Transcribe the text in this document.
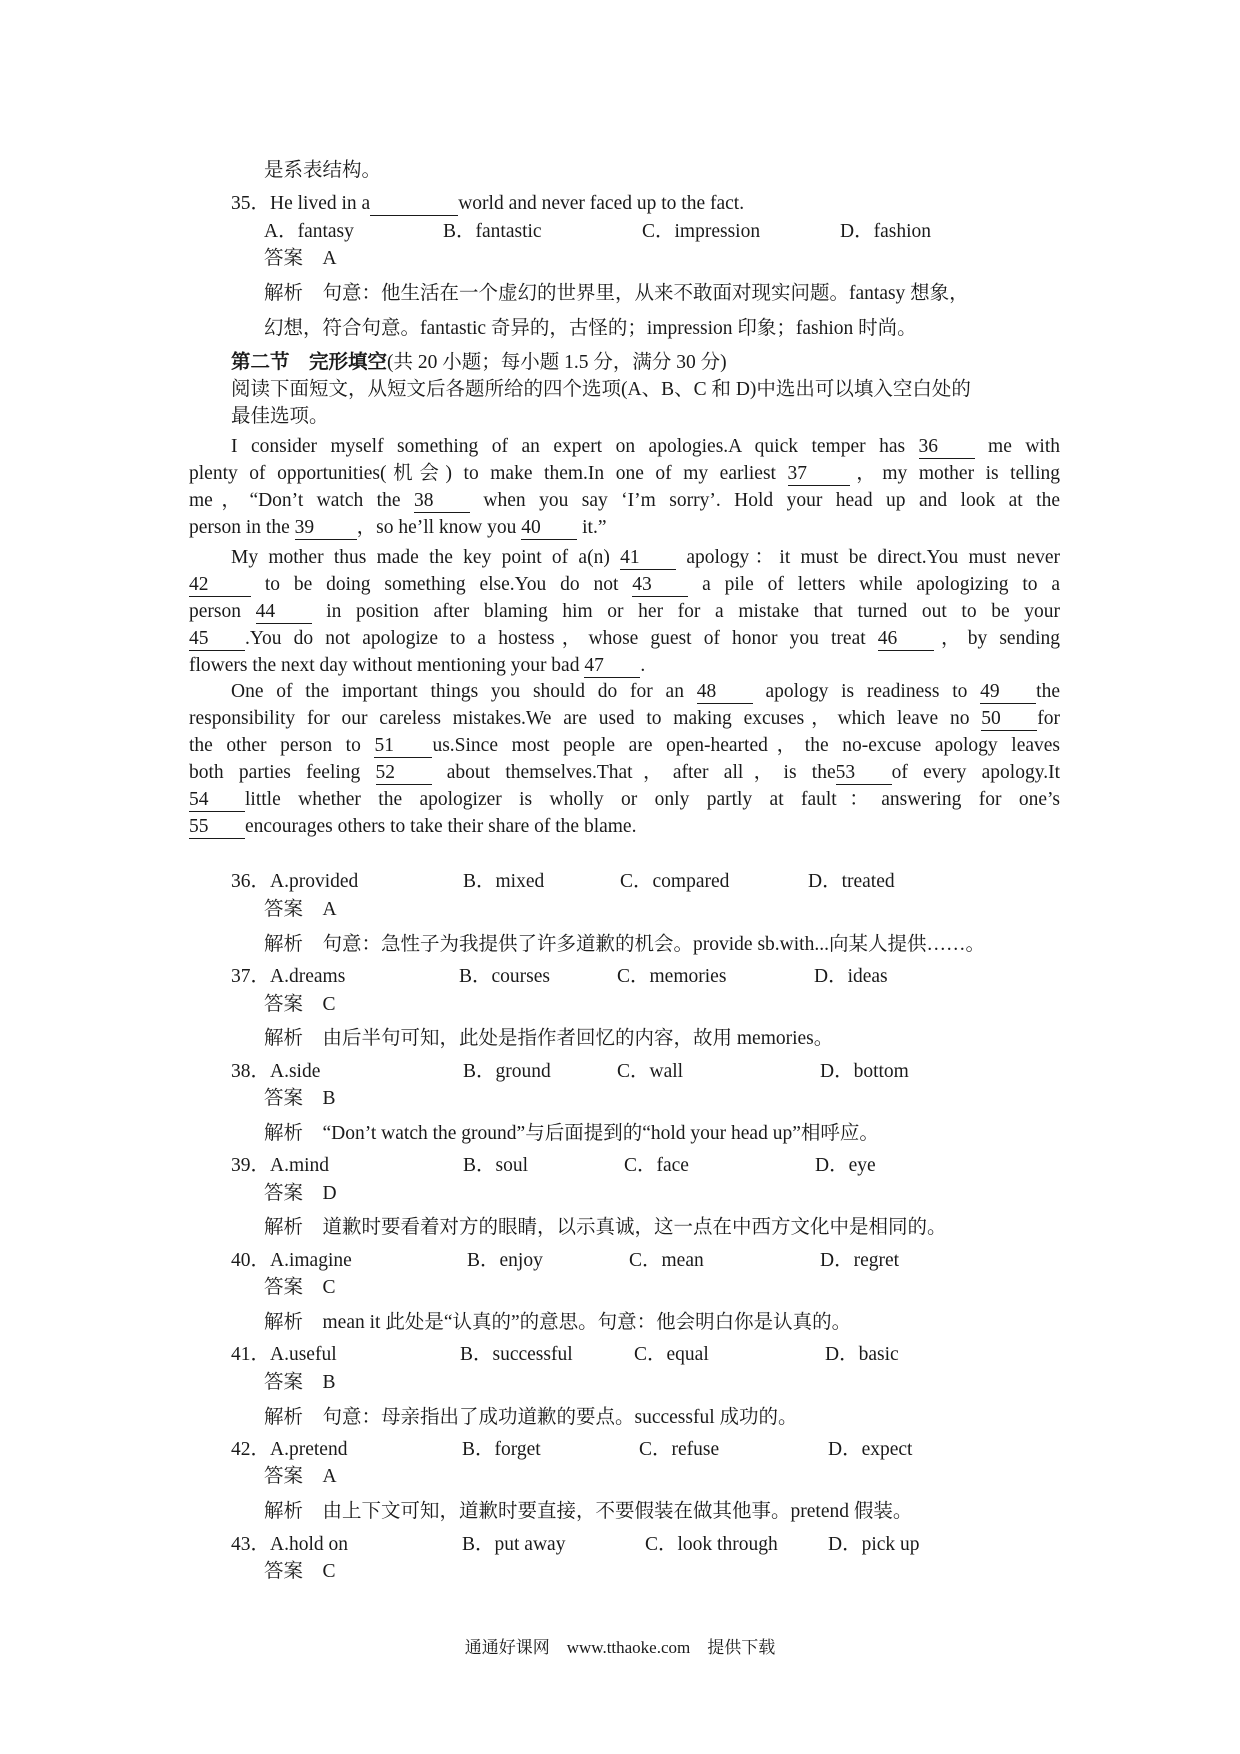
是系表结构。
35．He lived in a	world and never faced up to the fact.
A．fantasy	B．fantastic	C．impression	D．fashion
答案　A
解析　句意：他生活在一个虚幻的世界里，从来不敢面对现实问题。fantasy 想象，
幻想，符合句意。fantastic 奇异的，古怪的；impression 印象；fashion 时尚。
第二节　完形填空(共 20 小题；每小题 1.5 分，满分 30 分)
阅读下面短文，从短文后各题所给的四个选项(A、B、C 和 D)中选出可以填入空白处的
最佳选项。
I consider myself something of an expert on apologies.A quick temper has 36 me with
plenty of opportunities(机会) to make them.In one of my earliest 37 ，my mother is telling
me，“Don’t watch the 38 when you say ‘I’m sorry’. Hold your head up and look at the
person in the 39 ，so he’ll know you 40 it.”
My mother thus made the key point of a(n) 41 apology：it must be direct.You must never
42 to be doing something else.You do not 43 a pile of letters while apologizing to a
person 44 in position after blaming him or her for a mistake that turned out to be your
45 .You do not apologize to a hostess，whose guest of honor you treat 46 ，by sending
flowers the next day without mentioning your bad 47 .
One of the important things you should do for an 48 apology is readiness to 49 the
responsibility for our careless mistakes.We are used to making excuses，which leave no 50 for
the other person to 51 us.Since most people are open-hearted，the no-excuse apology leaves
both parties feeling 52 about themselves.That，after all，is the53 of every apology.It
54 little whether the apologizer is wholly or only partly at fault：answering for one’s
55 encourages others to take their share of the blame.
36．A.provided	B．mixed	C．compared	D．treated
答案　A
解析　句意：急性子为我提供了许多道歉的机会。provide sb.with...向某人提供……。
37．A.dreams	B．courses	C．memories	D．ideas
答案　C
解析　由后半句可知，此处是指作者回忆的内容，故用 memories。
38．A.side	B．ground	C．wall	D．bottom
答案　B
解析　“Don’t watch the ground”与后面提到的“hold your head up”相呼应。
39．A.mind	B．soul	C．face	D．eye
答案　D
解析　道歉时要看着对方的眼睛，以示真诚，这一点在中西方文化中是相同的。
40．A.imagine	B．enjoy	C．mean	D．regret
答案　C
解析　mean it 此处是“认真的”的意思。句意：他会明白你是认真的。
41．A.useful	B．successful	C．equal	D．basic
答案　B
解析　句意：母亲指出了成功道歉的要点。successful 成功的。
42．A.pretend	B．forget	C．refuse	D．expect
答案　A
解析　由上下文可知，道歉时要直接，不要假装在做其他事。pretend 假装。
43．A.hold on	B．put away	C．look through	D．pick up
答案　C
通通好课网　www.tthaoke.com　提供下载
